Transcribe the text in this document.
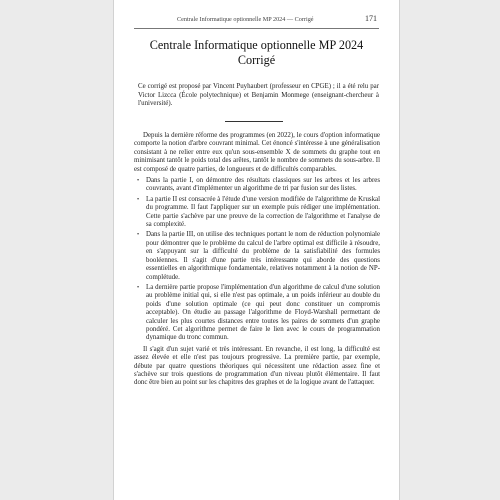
Centrale Informatique optionnelle MP 2024 — Corrigé	171
Centrale Informatique optionnelle MP 2024
Corrigé
Ce corrigé est proposé par Vincent Puyhaubert (professeur en CPGE) ; il a été relu par Victor Lizcca (École polytechnique) et Benjamin Monmege (enseignant-chercheur à l'université).

Depuis la dernière réforme des programmes (en 2022), le cours d'option informatique comporte la notion d'arbre couvrant minimal. Cet énoncé s'intéresse à une généralisation consistant à ne relier entre eux qu'un sous-ensemble X de sommets du graphe tout en minimisant tantôt le poids total des arêtes, tantôt le nombre de sommets du sous-arbre. Il est composé de quatre parties, de longueurs et de difficultés comparables.

• Dans la partie I, on démontre des résultats classiques sur les arbres et les arbres couvrants, avant d'implémenter un algorithme de tri par fusion sur des listes.
• La partie II est consacrée à l'étude d'une version modifiée de l'algorithme de Kruskal du programme. Il faut l'appliquer sur un exemple puis rédiger une implémentation. Cette partie s'achève par une preuve de la correction de l'algorithme et l'analyse de sa complexité.
• Dans la partie III, on utilise des techniques portant le nom de réduction polynomiale pour démontrer que le problème du calcul de l'arbre optimal est difficile à résoudre, en s'appuyant sur la difficulté du problème de la satisfiabilité des formules booléennes. Il s'agit d'une partie très intéressante qui aborde des questions essentielles en algorithmique fondamentale, relatives notamment à la notion de NP-complétude.
• La dernière partie propose l'implémentation d'un algorithme de calcul d'une solution au problème initial qui, si elle n'est pas optimale, a un poids inférieur au double du poids d'une solution optimale (ce qui peut donc constituer un compromis acceptable). On étudie au passage l'algorithme de Floyd-Warshall permettant de calculer les plus courtes distances entre toutes les paires de sommets d'un graphe pondéré. Cet algorithme permet de faire le lien avec le cours de programmation dynamique du tronc commun.

Il s'agit d'un sujet varié et très intéressant. En revanche, il est long, la difficulté est assez élevée et elle n'est pas toujours progressive. La première partie, par exemple, débute par quatre questions théoriques qui nécessitent une rédaction assez fine et s'achève sur trois questions de programmation d'un niveau plutôt élémentaire. Il faut donc être bien au point sur les chapitres des graphes et de la logique avant de l'attaquer.
